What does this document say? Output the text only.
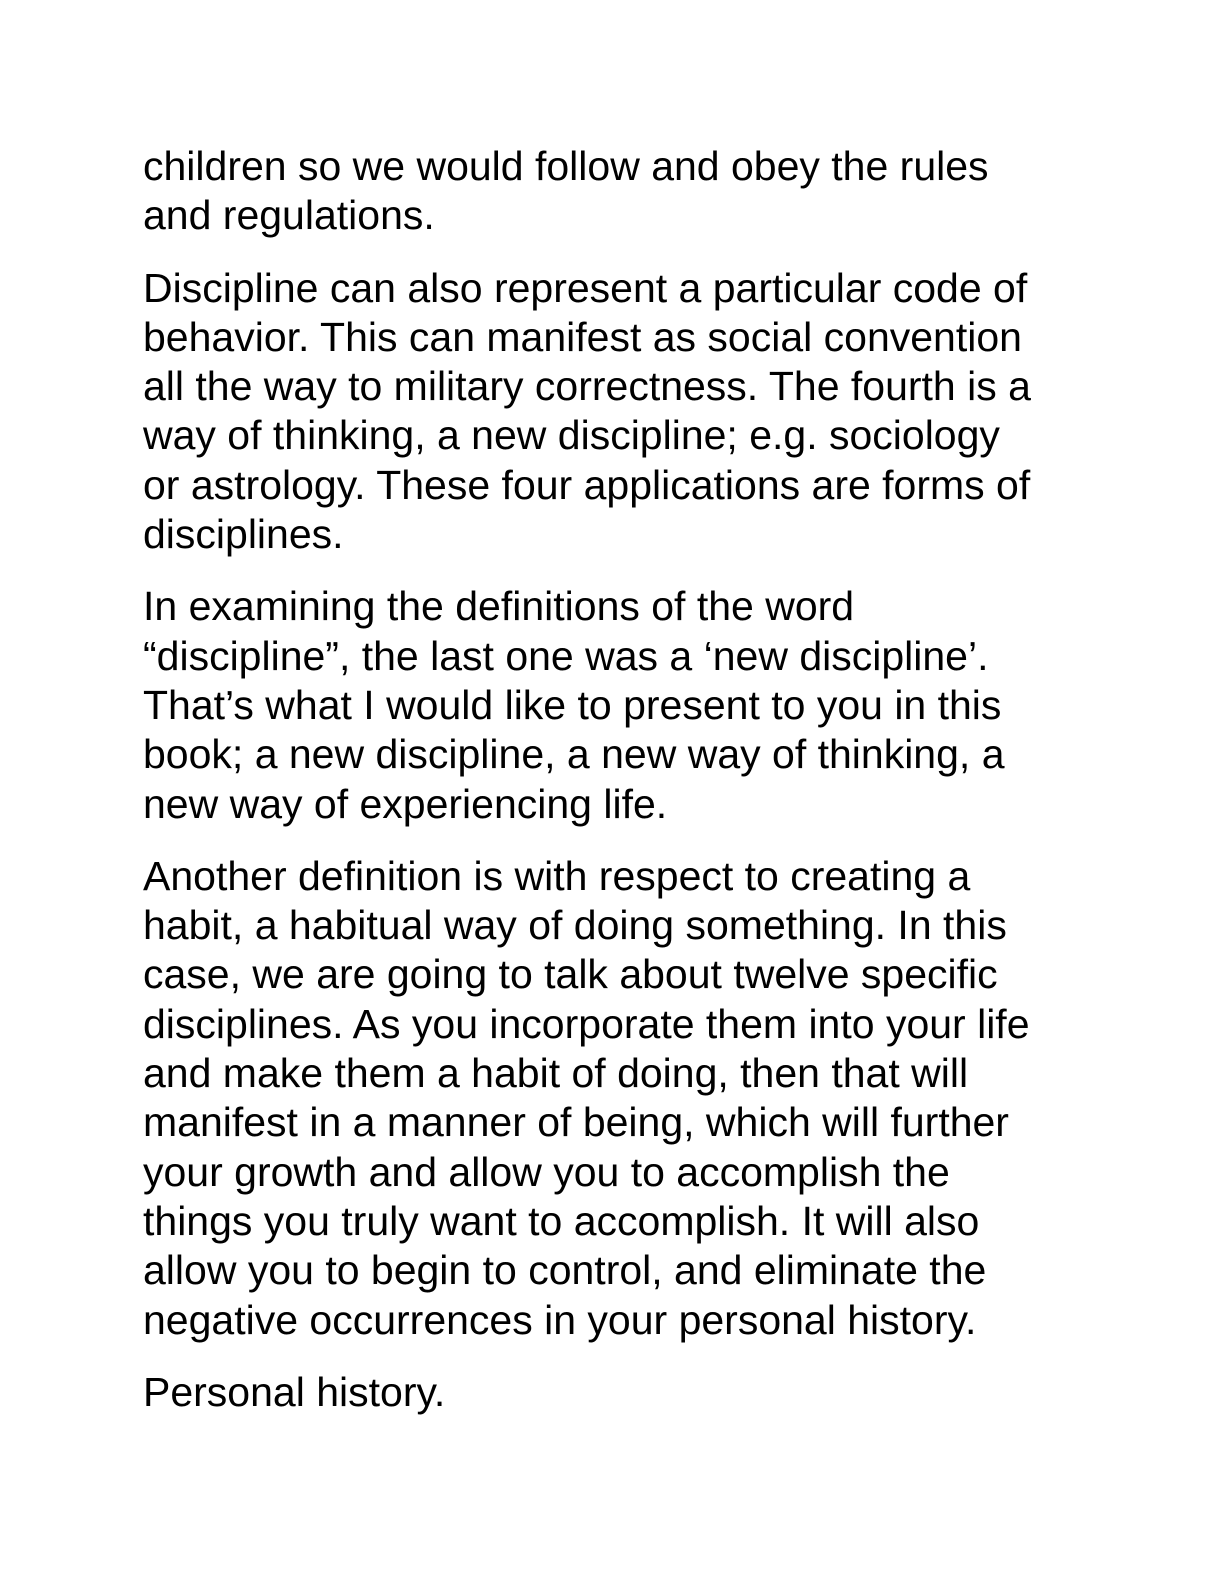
children so we would follow and obey the rules
and regulations.

Discipline can also represent a particular code of
behavior. This can manifest as social convention
all the way to military correctness. The fourth is a
way of thinking, a new discipline; e.g. sociology
or astrology. These four applications are forms of
disciplines.

In examining the definitions of the word
“discipline”, the last one was a ‘new discipline’.
That’s what I would like to present to you in this
book; a new discipline, a new way of thinking, a
new way of experiencing life.

Another definition is with respect to creating a
habit, a habitual way of doing something. In this
case, we are going to talk about twelve specific
disciplines. As you incorporate them into your life
and make them a habit of doing, then that will
manifest in a manner of being, which will further
your growth and allow you to accomplish the
things you truly want to accomplish. It will also
allow you to begin to control, and eliminate the
negative occurrences in your personal history.

Personal history.
